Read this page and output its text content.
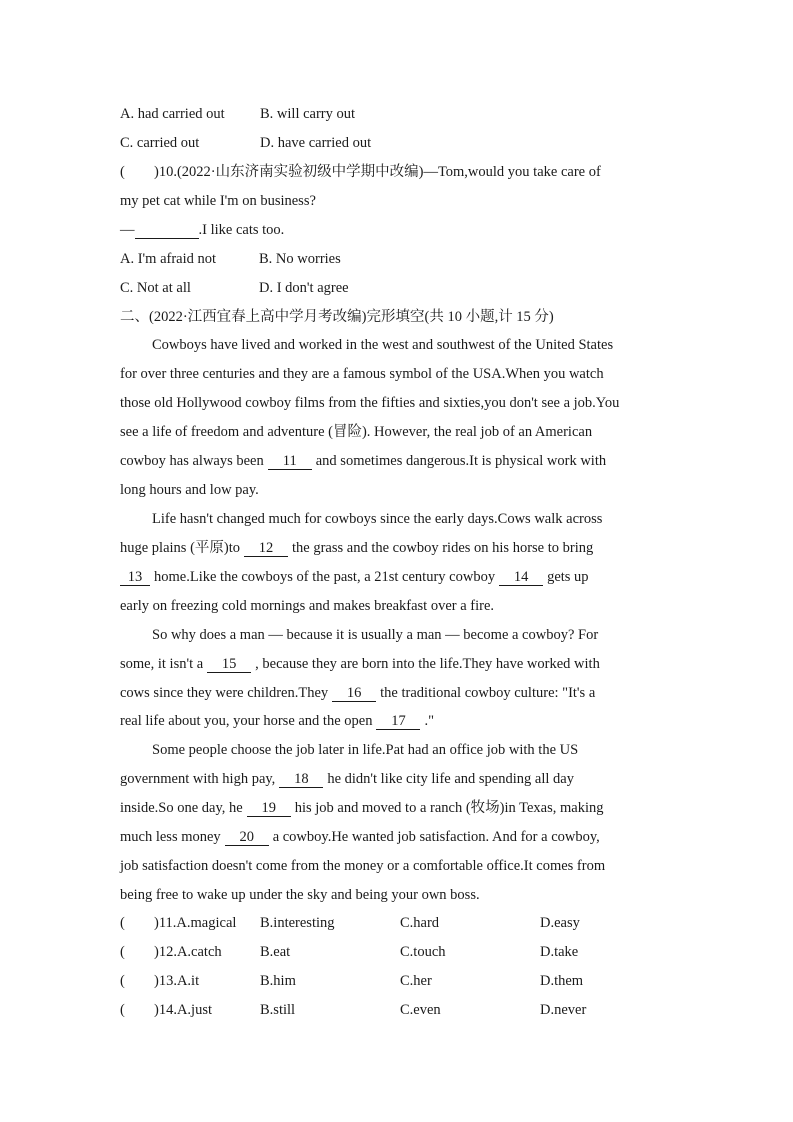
A. had carried out B. will carry out
C. carried out	D. have carried out
()10.(2022·山东济南实验初级中学期中改编)—Tom,would you take care of
my pet cat while I'm on business?
—	.I like cats too.
A. I'm afraid not	B. No worries
C. Not at all	D. I don't agree
二、(2022·江西宜春上高中学月考改编)完形填空(共 10 小题,计 15 分)
Cowboys have lived and worked in the west and southwest of the United States
for over three centuries and they are a famous symbol of the USA.When you watch
those old Hollywood cowboy films from the fifties and sixties,you don't see a job.You
see a life of freedom and adventure (冒险). However, the real job of an American
cowboy has always been 11 and sometimes dangerous.It is physical work with
long hours and low pay.
Life hasn't changed much for cowboys since the early days.Cows walk across
huge plains (平原)to 12 the grass and the cowboy rides on his horse to bring
13 home.Like the cowboys of the past, a 21st century cowboy 14 gets up
early on freezing cold mornings and makes breakfast over a fire.
So why does a man — because it is usually a man — become a cowboy? For
some, it isn't a 15 , because they are born into the life.They have worked with
cows since they were children.They 16 the traditional cowboy culture: "It's a
real life about you, your horse and the open 17 ."
Some people choose the job later in life.Pat had an office job with the US
government with high pay, 18 he didn't like city life and spending all day
inside.So one day, he 19 his job and moved to a ranch (牧场)in Texas, making
much less money 20 a cowboy.He wanted job satisfaction. And for a cowboy,
job satisfaction doesn't come from the money or a comfortable office.It comes from
being free to wake up under the sky and being your own boss.
( )11.A.magical B.interesting	C.hard	D.easy
( )12.A.catch	B.eat	C.touch	D.take
( )13.A.it	B.him	C.her	D.them
( )14.A.just	B.still	C.even	D.never
